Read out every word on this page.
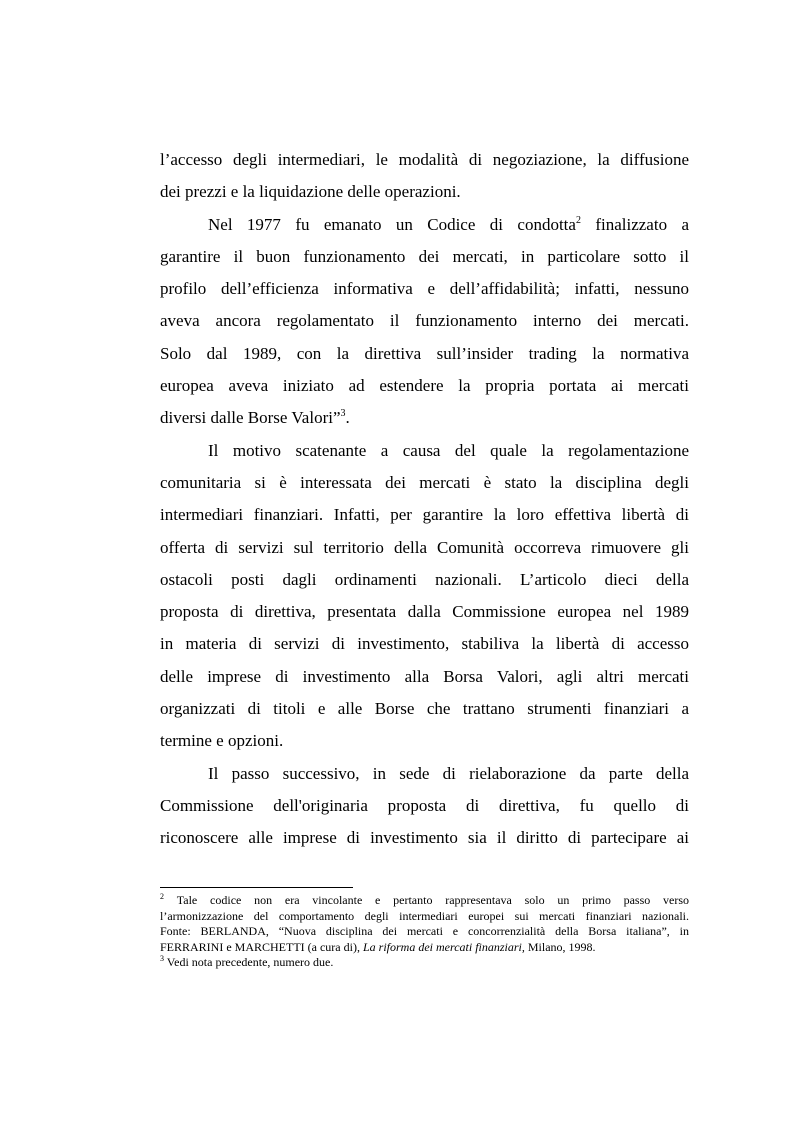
l’accesso degli intermediari, le modalità di negoziazione, la diffusione
dei prezzi e la liquidazione delle operazioni.

Nel 1977 fu emanato un Codice di condotta$^2$ finalizzato a
garantire il buon funzionamento dei mercati, in particolare sotto il
profilo dell’efficienza informativa e dell’affidabilità; infatti, nessuno
aveva ancora regolamentato il funzionamento interno dei mercati.
Solo dal 1989, con la direttiva sull’insider trading la normativa
europea aveva iniziato ad estendere la propria portata ai mercati
diversi dalle Borse Valori”$^3$.

Il motivo scatenante a causa del quale la regolamentazione
comunitaria si è interessata dei mercati è stato la disciplina degli
intermediari finanziari. Infatti, per garantire la loro effettiva libertà di
offerta di servizi sul territorio della Comunità occorreva rimuovere gli
ostacoli posti dagli ordinamenti nazionali. L’articolo dieci della
proposta di direttiva, presentata dalla Commissione europea nel 1989
in materia di servizi di investimento, stabiliva la libertà di accesso
delle imprese di investimento alla Borsa Valori, agli altri mercati
organizzati di titoli e alle Borse che trattano strumenti finanziari a
termine e opzioni.

Il passo successivo, in sede di rielaborazione da parte della
Commissione dell'originaria proposta di direttiva, fu quello di
riconoscere alle imprese di investimento sia il diritto di partecipare ai

$^2$ Tale codice non era vincolante e pertanto rappresentava solo un primo passo verso
l’armonizzazione del comportamento degli intermediari europei sui mercati finanziari nazionali.
Fonte: BERLANDA, “Nuova disciplina dei mercati e concorrenzialità della Borsa italiana”, in
FERRARINI e MARCHETTI (a cura di), La riforma dei mercati finanziari, Milano, 1998.

$^3$ Vedi nota precedente, numero due.
